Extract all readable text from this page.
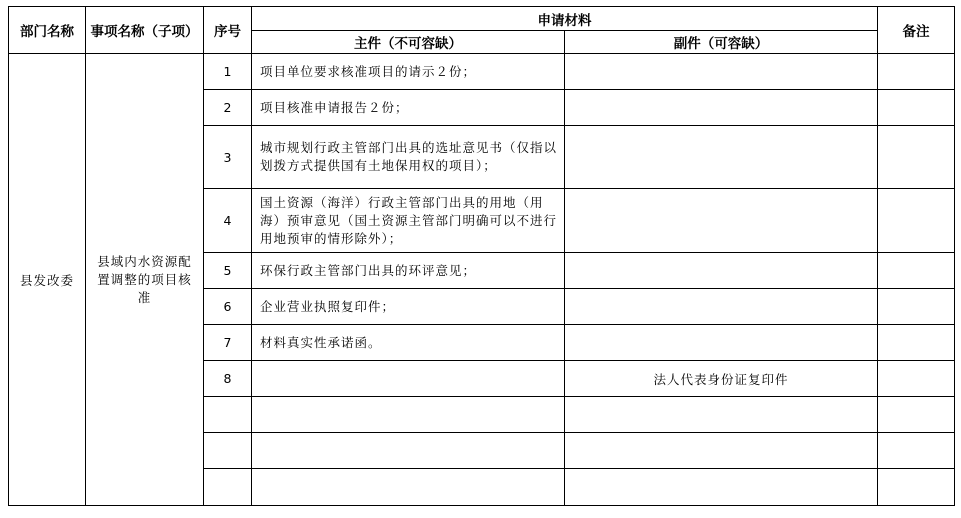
部门名称	事项名称（子项）	序号	申请材料		备注
			主件（不可容缺）	副件（可容缺）	
县发改委	县域内水资源配置调整的项目核准	1	项目单位要求核准项目的请示２份；		
		2	项目核准申请报告２份；		
		3	城市规划行政主管部门出具的选址意见书（仅指以划拨方式提供国有土地保用权的项目）；		
		4	国土资源（海洋）行政主管部门出具的用地（用海）预审意见（国土资源主管部门明确可以不进行用地预审的情形除外）；		
		5	环保行政主管部门出具的环评意见；		
		6	企业营业执照复印件；		
		7	材料真实性承诺函。		
		8		法人代表身份证复印件	
